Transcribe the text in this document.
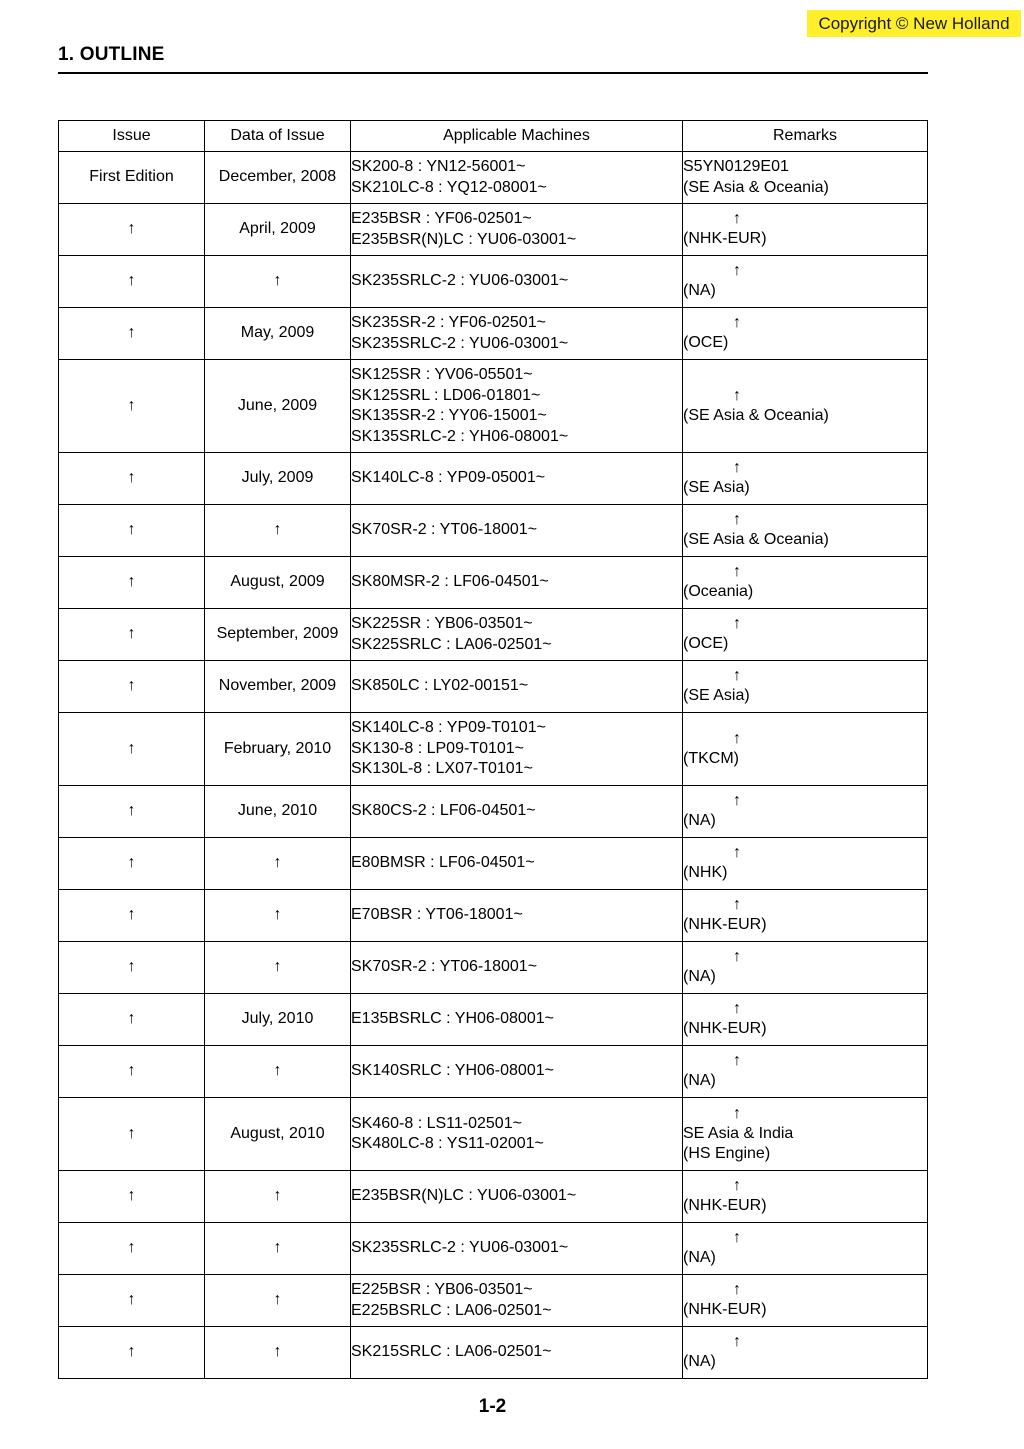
Copyright © New Holland
1. OUTLINE
Issue	Data of Issue	Applicable Machines	Remarks
First Edition	December, 2008	SK200-8 : YN12-56001~
SK210LC-8 : YQ12-08001~	S5YN0129E01
(SE Asia & Oceania)

↑	April, 2009	E235BSR : YF06-02501~
E235BSR(N)LC : YU06-03001~	↑
(NHK-EUR)

↑	↑	SK235SRLC-2 : YU06-03001~	↑
(NA)

↑	May, 2009	SK235SR-2 : YF06-02501~
SK235SRLC-2 : YU06-03001~	↑
(OCE)

↑	June, 2009	SK125SR : YV06-05501~
SK125SRL : LD06-01801~
SK135SR-2 : YY06-15001~
SK135SRLC-2 : YH06-08001~	↑
(SE Asia & Oceania)

↑	July, 2009	SK140LC-8 : YP09-05001~	↑
(SE Asia)

↑	↑	SK70SR-2 : YT06-18001~	↑
(SE Asia & Oceania)

↑	August, 2009	SK80MSR-2 : LF06-04501~	↑
(Oceania)

↑	September, 2009	SK225SR : YB06-03501~
SK225SRLC : LA06-02501~	↑
(OCE)

↑	November, 2009	SK850LC : LY02-00151~	↑
(SE Asia)

↑	February, 2010	SK140LC-8 : YP09-T0101~
SK130-8 : LP09-T0101~
SK130L-8 : LX07-T0101~	↑
(TKCM)

↑	June, 2010	SK80CS-2 : LF06-04501~	↑
(NA)

↑	↑	E80BMSR : LF06-04501~	↑
(NHK)

↑	↑	E70BSR : YT06-18001~	↑
(NHK-EUR)

↑	↑	SK70SR-2 : YT06-18001~	↑
(NA)

↑	July, 2010	E135BSRLC : YH06-08001~	↑
(NHK-EUR)

↑	↑	SK140SRLC : YH06-08001~	↑
(NA)

↑	August, 2010	SK460-8 : LS11-02501~
SK480LC-8 : YS11-02001~	↑
SE Asia & India
(HS Engine)

↑	↑	E235BSR(N)LC : YU06-03001~	↑
(NHK-EUR)

↑	↑	SK235SRLC-2 : YU06-03001~	↑
(NA)

↑	↑	E225BSR : YB06-03501~
E225BSRLC : LA06-02501~	↑
(NHK-EUR)

↑	↑	SK215SRLC : LA06-02501~	↑
(NA)
1-2
